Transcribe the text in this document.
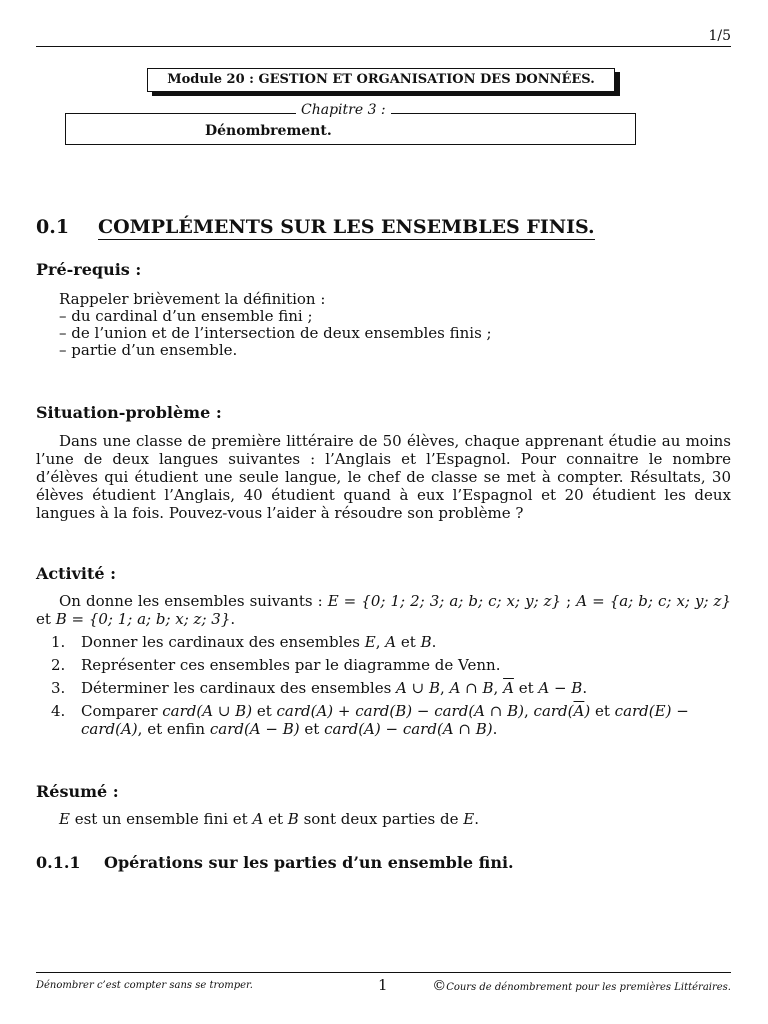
1/5
Module 20 : GESTION ET ORGANISATION DES DONNÉES.
Chapitre 3 :
Dénombrement.
0.1 COMPLÉMENTS SUR LES ENSEMBLES FINIS.
Pré-requis :
Rappeler brièvement la définition :
– du cardinal d’un ensemble fini ;
– de l’union et de l’intersection de deux ensembles finis ;
– partie d’un ensemble.
Situation-problème :
Dans une classe de première littéraire de 50 élèves, chaque apprenant étudie au moins l’une de deux langues suivantes : l’Anglais et l’Espagnol. Pour connaitre le nombre d’élèves qui étudient une seule langue, le chef de classe se met à compter. Résultats, 30 élèves étudient l’Anglais, 40 étudient quand à eux l’Espagnol et 20 étudient les deux langues à la fois. Pouvez-vous l’aider à résoudre son problème ?
Activité :
On donne les ensembles suivants : E = {0; 1; 2; 3; a; b; c; x; y; z} ; A = {a; b; c; x; y; z} et B = {0; 1; a; b; x; z; 3}.
1. Donner les cardinaux des ensembles E, A et B.
2. Représenter ces ensembles par le diagramme de Venn.
3. Déterminer les cardinaux des ensembles A ∪ B, A ∩ B, $\overline{A}$ et A − B.
4. Comparer card(A ∪ B) et card(A) + card(B) − card(A ∩ B), $card(\overline{A})$ et card(E) − card(A), et enfin card(A − B) et card(A) − card(A ∩ B).
Résumé :
E est un ensemble fini et A et B sont deux parties de E.
0.1.1 Opérations sur les parties d’un ensemble fini.
Dénombrer c’est compter sans se tromper.	1	©Cours de dénombrement pour les premières Littéraires.
